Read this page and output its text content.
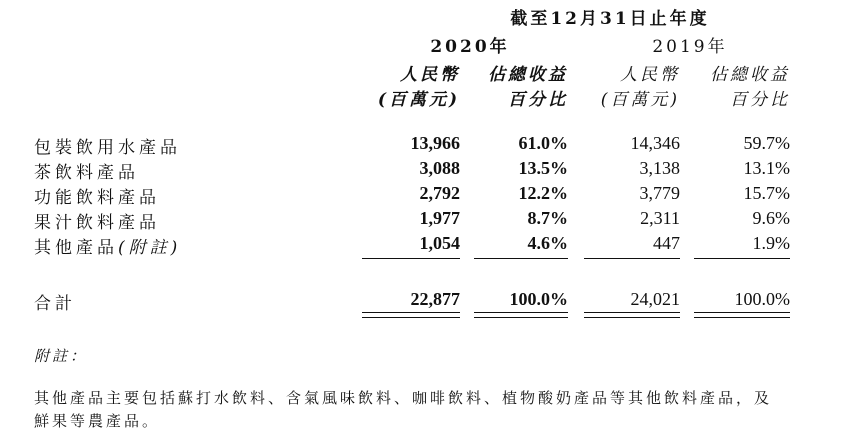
截至12月31日止年度
2020年	2019年
人民幣	佔總收益	人民幣	佔總收益
(百萬元)	百分比	(百萬元)	百分比
包裝飲用水產品	13,966	61.0%	14,346	59.7%
茶飲料產品	3,088	13.5%	3,138	13.1%
功能飲料產品	2,792	12.2%	3,779	15.7%
果汁飲料產品	1,977	8.7%	2,311	9.6%
其他產品(附註)	1,054	4.6%	447	1.9%
合計	22,877	100.0%	24,021	100.0%
附註：
其他產品主要包括蘇打水飲料、含氣風味飲料、咖啡飲料、植物酸奶產品等其他飲料產品，及
鮮果等農產品。
